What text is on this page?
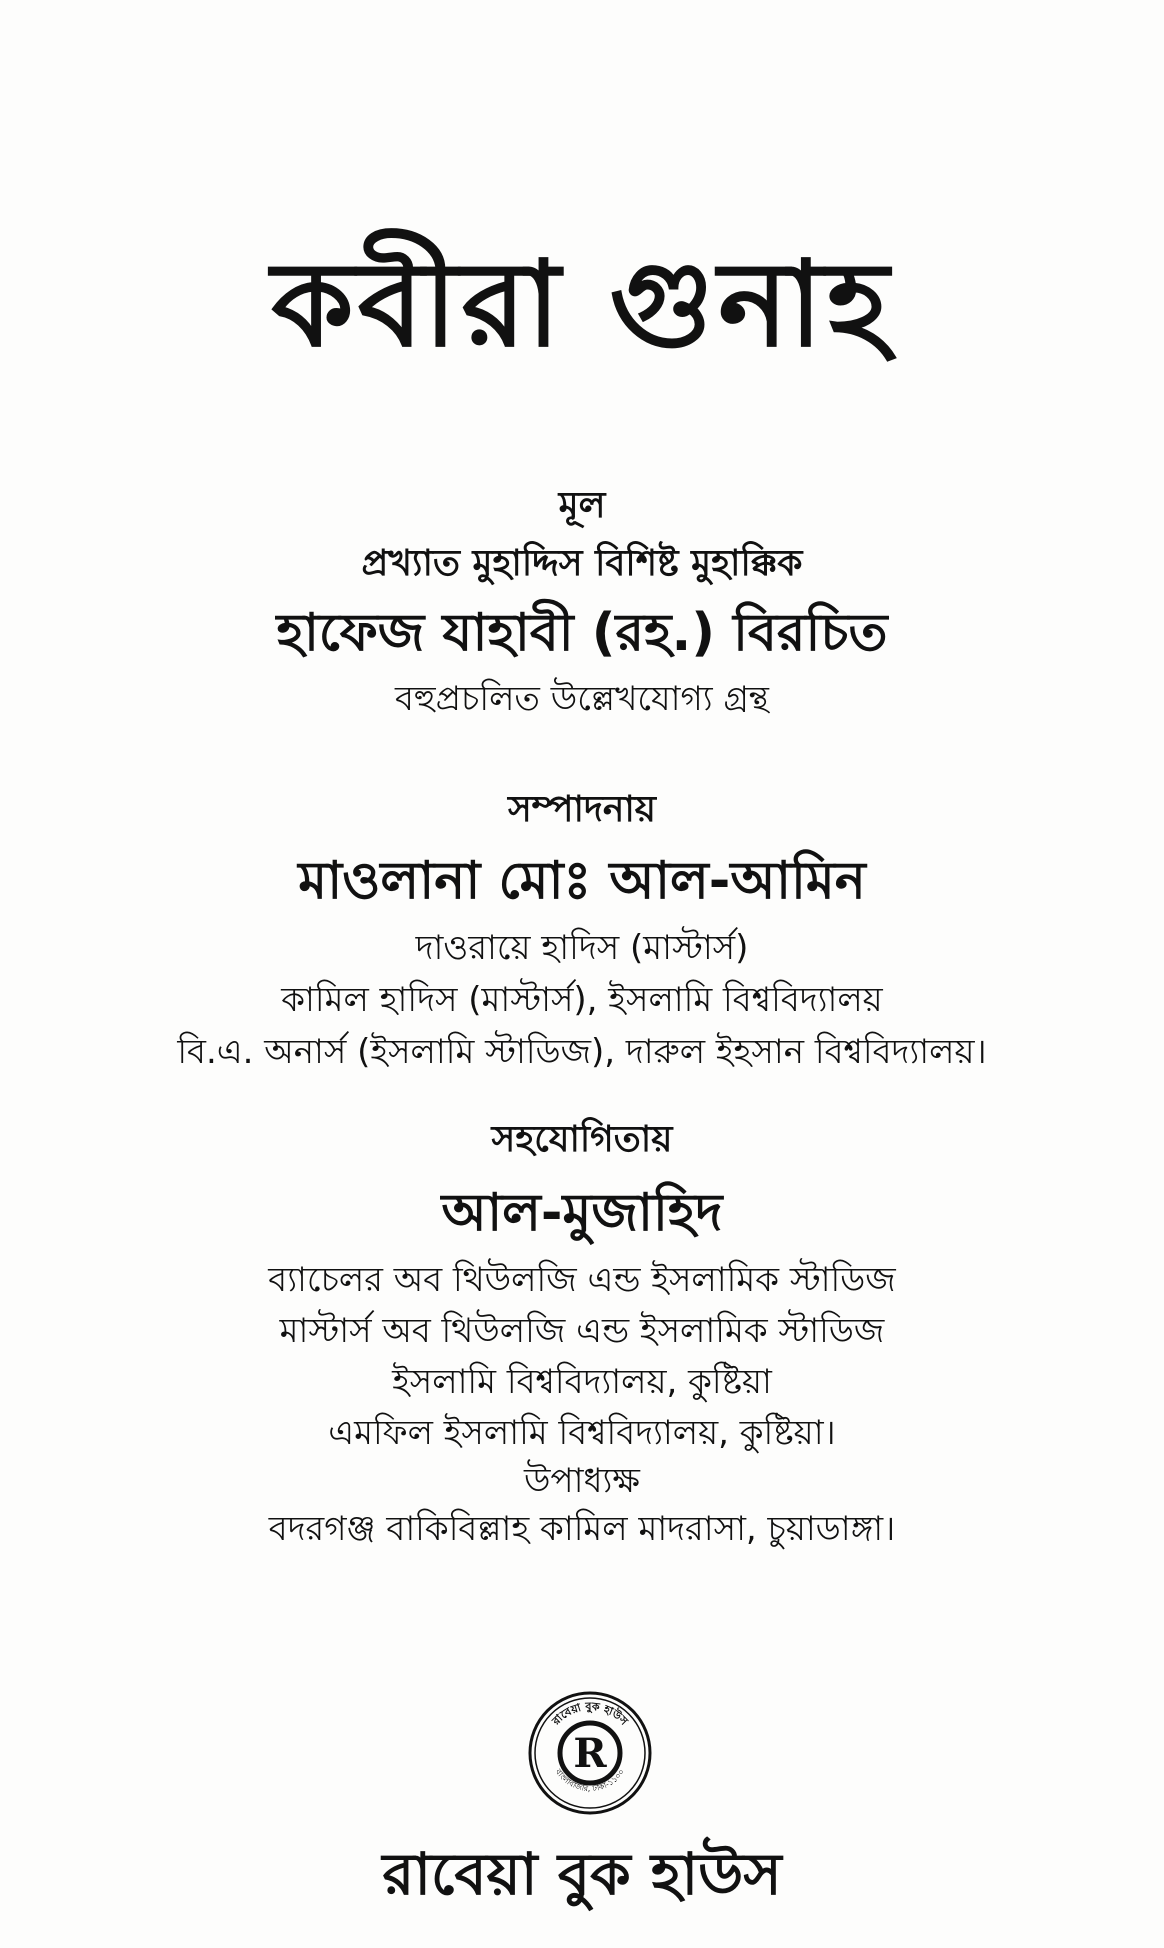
কবীরা গুনাহ
মূল
প্রখ্যাত মুহাদ্দিস বিশিষ্ট মুহাক্কিক
হাফেজ যাহাবী (রহ.) বিরচিত
বহুপ্রচলিত উল্লেখযোগ্য গ্রন্থ
সম্পাদনায়
মাওলানা মোঃ আল-আমিন
দাওরায়ে হাদিস (মাস্টার্স)
কামিল হাদিস (মাস্টার্স), ইসলামি বিশ্ববিদ্যালয়
বি.এ. অনার্স (ইসলামি স্টাডিজ), দারুল ইহসান বিশ্ববিদ্যালয়।
সহযোগিতায়
আল-মুজাহিদ
ব্যাচেলর অব থিউলজি এন্ড ইসলামিক স্টাডিজ
মাস্টার্স অব থিউলজি এন্ড ইসলামিক স্টাডিজ
ইসলামি বিশ্ববিদ্যালয়, কুষ্টিয়া
এমফিল ইসলামি বিশ্ববিদ্যালয়, কুষ্টিয়া।
উপাধ্যক্ষ
বদরগঞ্জ বাকিবিল্লাহ কামিল মাদরাসা, চুয়াডাঙ্গা।
রাবেয়া বুক হাউস
বাংলাবাজার, ঢাকা-১১০০
R
রাবেয়া বুক হাউস
